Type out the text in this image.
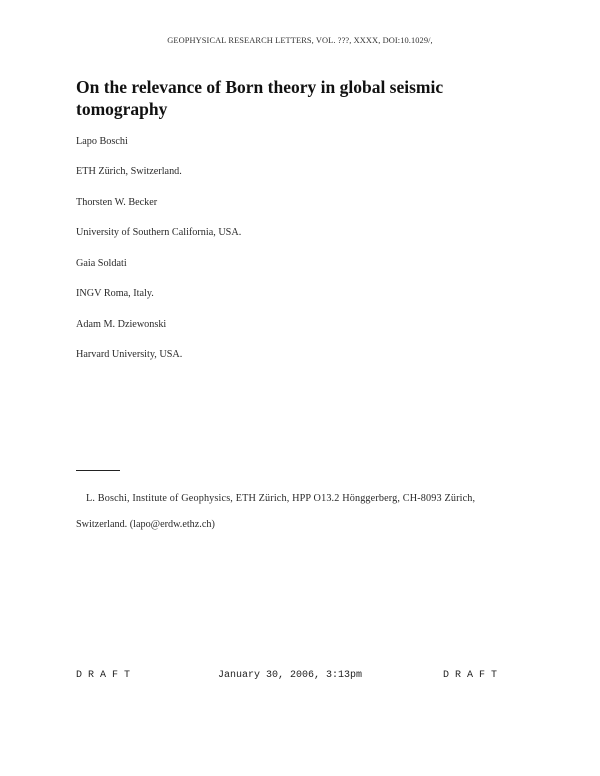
GEOPHYSICAL RESEARCH LETTERS, VOL. ???, XXXX, DOI:10.1029/,
On the relevance of Born theory in global seismic tomography
Lapo Boschi
ETH Zürich, Switzerland.
Thorsten W. Becker
University of Southern California, USA.
Gaia Soldati
INGV Roma, Italy.
Adam M. Dziewonski
Harvard University, USA.
L. Boschi, Institute of Geophysics, ETH Zürich, HPP O13.2 Hönggerberg, CH-8093 Zürich,
Switzerland. (lapo@erdw.ethz.ch)
D R A F T	January 30, 2006, 3:13pm	D R A F T
